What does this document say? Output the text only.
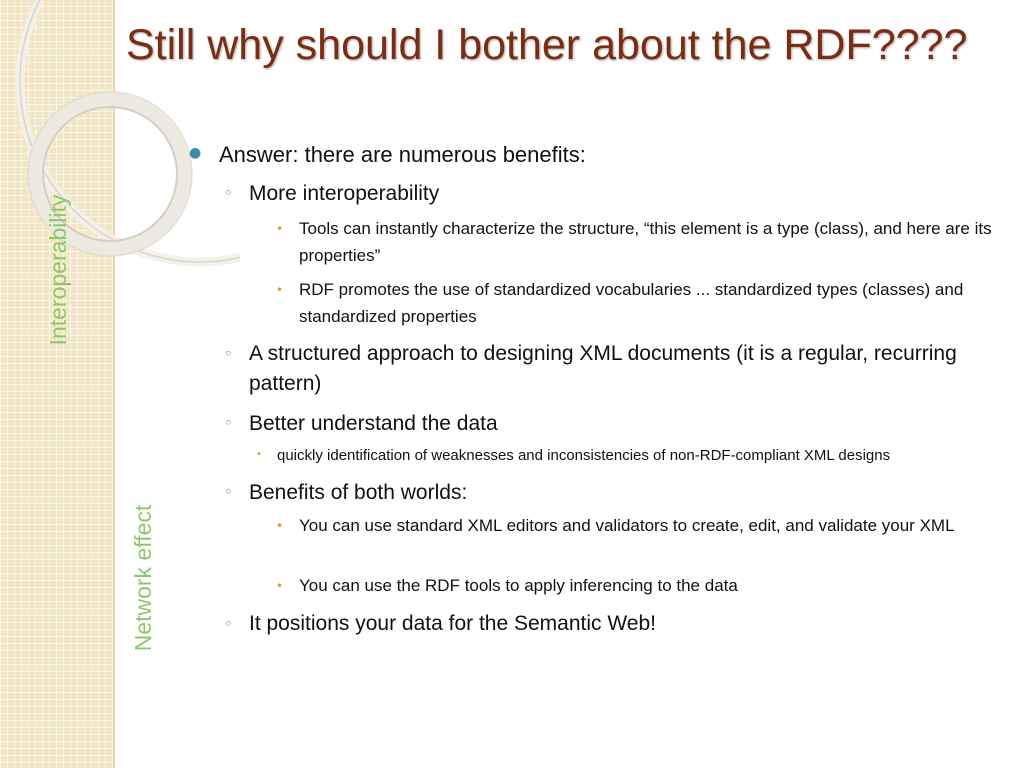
Still why should I bother about the RDF????
Interoperability
Network effect
● Answer: there are numerous benefits:

◦ More interoperability

• Tools can instantly characterize the structure, “this element is a type (class), and here are its properties”

• RDF promotes the use of standardized vocabularies ... standardized types (classes) and standardized properties

◦ A structured approach to designing XML documents (it is a regular, recurring pattern)

◦ Better understand the data

• quickly identification of weaknesses and inconsistencies of non-RDF-compliant XML designs

◦ Benefits of both worlds:

• You can use standard XML editors and validators to create, edit, and validate your XML

• You can use the RDF tools to apply inferencing to the data

◦ It positions your data for the Semantic Web!
